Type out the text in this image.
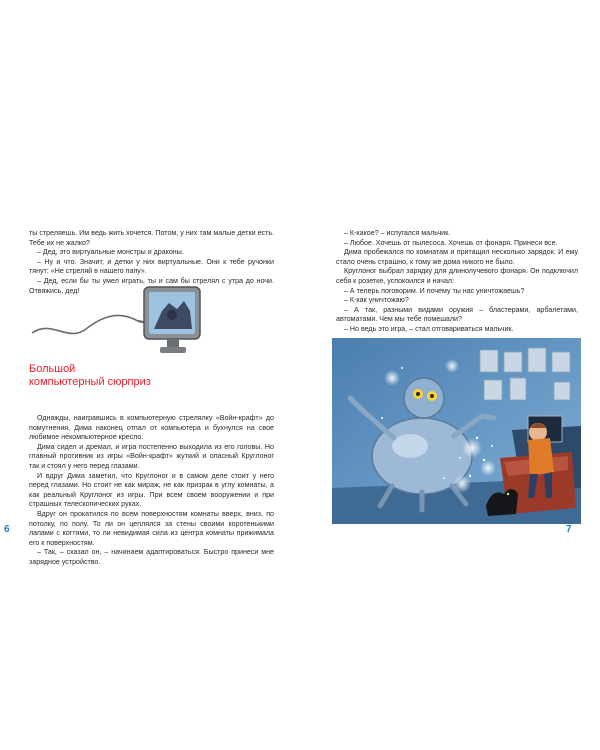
ты стреляешь. Им ведь жить хочется. Потом, у них там малые детки есть. Тебе их не жалко?

– Дед, это виртуальные монстры и драконы.

– Ну и что. Значит, и детки у них виртуальные. Они к тебе ручонки тянут: «Не стреляй в нашего папу».

– Дед, если бы ты умел играть, ты и сам бы стрелял с утра до ночи. Отвяжись, дед!

Большой
компьютерный сюрприз

Однажды, наигравшись в компьютерную стрелялку «Войн-крафт» до помутнения, Дима наконец отпал от компьютера и бухнулся на свое любимое некомпьютерное кресло.

Дима сидел и дремал, и игра постепенно выходила из его головы. Но главный противник из игры «Войн-крафт» жуткий и опасный Круглоног так и стоял у него перед глазами.

И вдруг Дима заметил, что Круглоног и в самом деле стоит у него перед глазами. Но стоит не как мираж, не как призрак в углу комнаты, а как реальный Круглоног из игры. При всем своем вооружении и при страшных телескопических руках.

Вдруг он прокатился по всем поверхностям комнаты вверх, вниз, по потолку, по полу. То ли он цеплялся за стены своими коротенькими лапами с когтями, то ли невидимая сила из центра комнаты прижимала его к поверхностям.

– Так, – сказал он, – начинаем адаптироваться. Быстро принеси мне зарядное устройство.

6

– К-какое? – испугался мальчик.

– Любое. Хочешь от пылесоса. Хочешь от фонаря. Принеси все.

Дима пробежался по комнатам и притащил несколько зарядок. И ему стало очень страшно, к тому же дома никого не было.

Круглоног выбрал зарядку для длинолучевого фонаря. Он подключил себя к розетке, успокоился и начал:

– А теперь поговорим. И почему ты нас уничтожаешь?

– К-как уничтожаю?

– А так, разными видами оружия – бластерами, арбалетами, автоматами. Чем мы тебе помешали?

– Но ведь это игра, – стал отговариваться мальчик.

7
